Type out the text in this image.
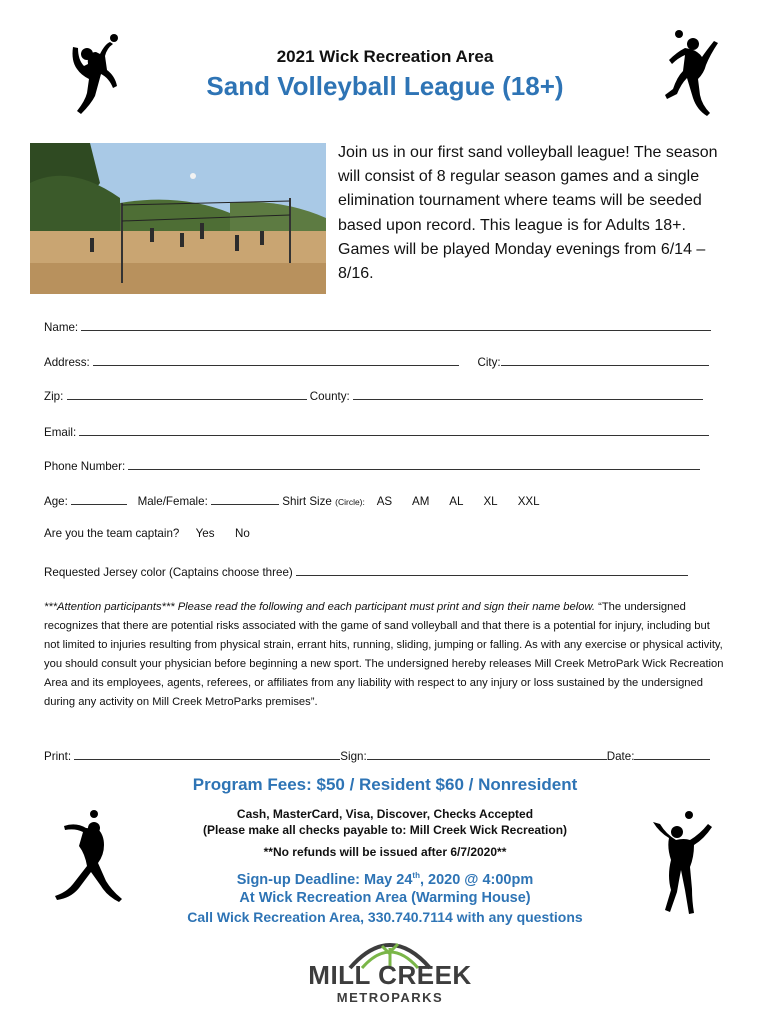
2021 Wick Recreation Area
Sand Volleyball League (18+)
Join us in our first sand volleyball league! The season will consist of 8 regular season games and a single elimination tournament where teams will be seeded based upon record. This league is for Adults 18+. Games will be played Monday evenings from 6/14 – 8/16.
Name:
Address:	City:
Zip:	County:
Email:
Phone Number:
Age:	Male/Female:	Shirt Size (Circle): AS AM AL XL XXL
Are you the team captain? Yes No
Requested Jersey color (Captains choose three)
***Attention participants*** Please read the following and each participant must print and sign their name below. “The undersigned recognizes that there are potential risks associated with the game of sand volleyball and that there is a potential for injury, including but not limited to injuries resulting from physical strain, errant hits, running, sliding, jumping or falling. As with any exercise or physical activity, you should consult your physician before beginning a new sport. The undersigned hereby releases Mill Creek MetroPark Wick Recreation Area and its employees, agents, referees, or affiliates from any liability with respect to any injury or loss sustained by the undersigned during any activity on Mill Creek MetroParks premises”.
Print:	Sign:	Date:
Program Fees: $50 / Resident $60 / Nonresident
Cash, MasterCard, Visa, Discover, Checks Accepted
(Please make all checks payable to: Mill Creek Wick Recreation)
**No refunds will be issued after 6/7/2020**
Sign-up Deadline: May 24th, 2020 @ 4:00pm
At Wick Recreation Area (Warming House)
Call Wick Recreation Area, 330.740.7114 with any questions
MILL CREEK
METROPARKS
